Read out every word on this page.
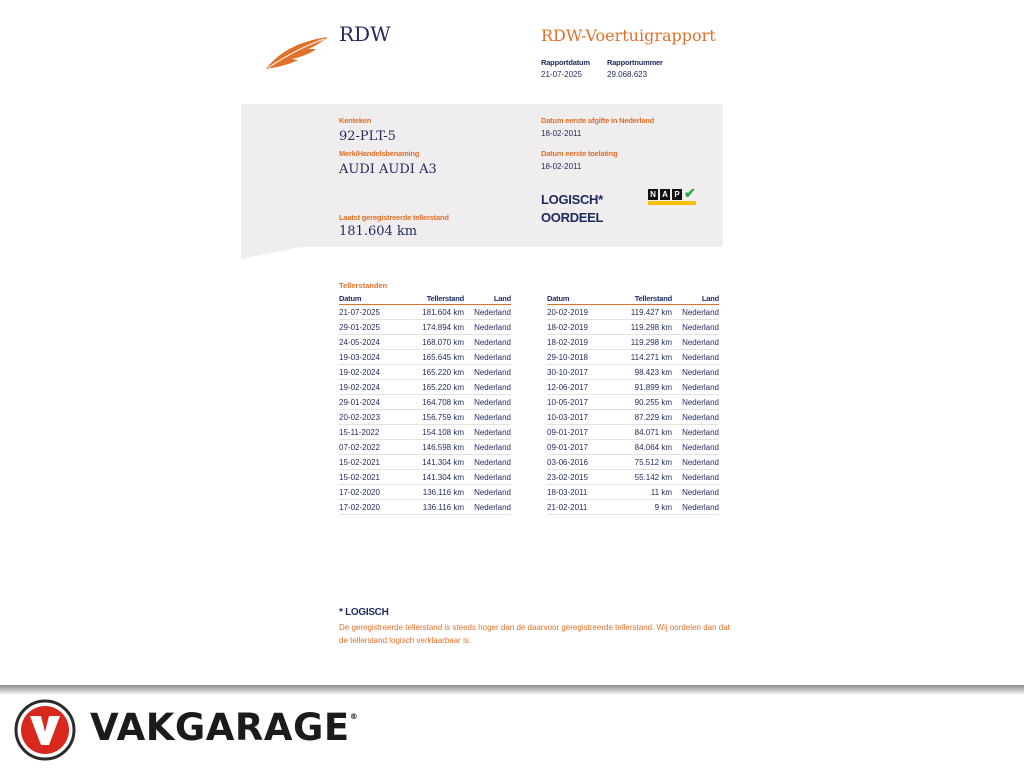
RDW	RDW-Voertuigrapport
Rapportdatum
21-07-2025
Rapportnummer
29.068.623
Kenteken
92-PLT-5
Merk/Handelsbenaming
AUDI AUDI A3
Laatst geregistreerde tellerstand
181.604 km
Datum eerste afgifte in Nederland
18-02-2011
Datum eerste toelating
18-02-2011
LOGISCH*
OORDEEL
N A P ✔
Tellerstanden
Datum	Tellerstand	Land
21-07-2025	181.604 km	Nederland
29-01-2025	174.894 km	Nederland
24-05-2024	168.070 km	Nederland
19-03-2024	165.645 km	Nederland
19-02-2024	165.220 km	Nederland
19-02-2024	165.220 km	Nederland
29-01-2024	164.708 km	Nederland
20-02-2023	156.759 km	Nederland
15-11-2022	154.108 km	Nederland
07-02-2022	146.598 km	Nederland
15-02-2021	141.304 km	Nederland
15-02-2021	141.304 km	Nederland
17-02-2020	136.116 km	Nederland
17-02-2020	136.116 km	Nederland
Datum	Tellerstand	Land
20-02-2019	119.427 km	Nederland
18-02-2019	119.298 km	Nederland
18-02-2019	119.298 km	Nederland
29-10-2018	114.271 km	Nederland
30-10-2017	98.423 km	Nederland
12-06-2017	91.899 km	Nederland
10-05-2017	90.255 km	Nederland
10-03-2017	87.229 km	Nederland
09-01-2017	84.071 km	Nederland
09-01-2017	84.064 km	Nederland
03-06-2016	75.512 km	Nederland
23-02-2015	55.142 km	Nederland
18-03-2011	11 km	Nederland
21-02-2011	9 km	Nederland
* LOGISCH
De geregistreerde tellerstand is steeds hoger dan de daarvoor geregistreerde tellerstand. Wij oordelen dan dat de tellerstand logisch verklaarbaar is.
VAKGARAGE®
